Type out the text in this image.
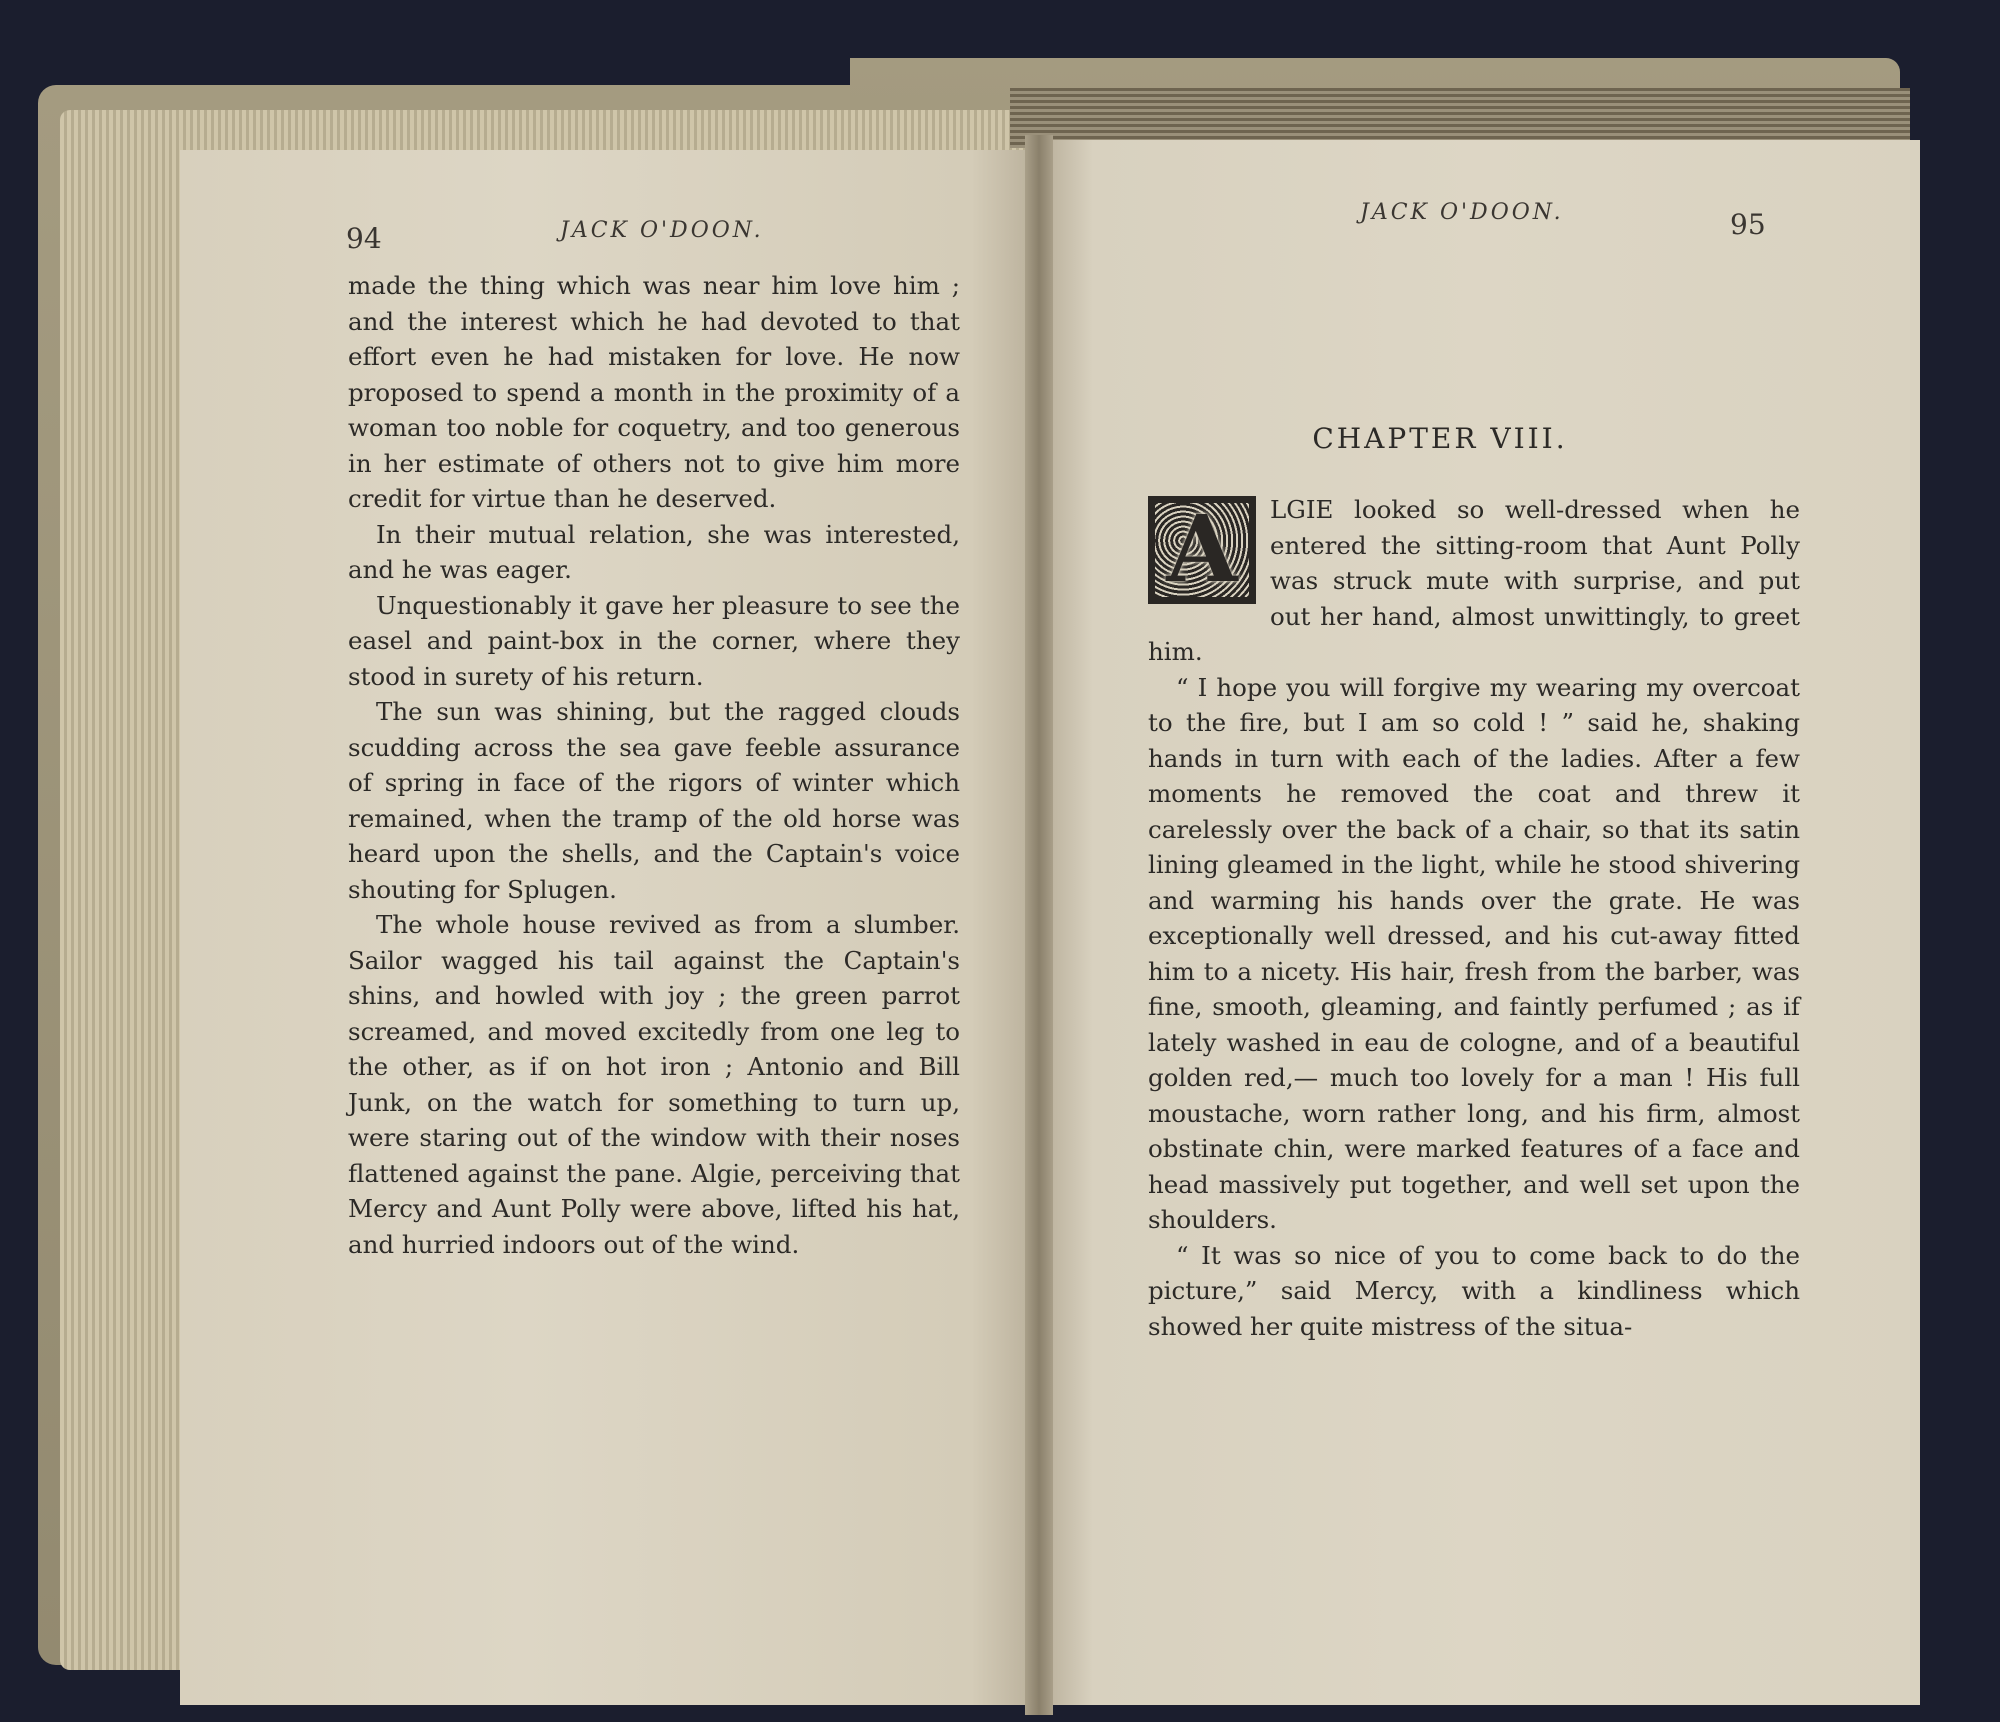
94	JACK O'DOON.

made the thing which was near him love him ; and the interest which he had devoted to that effort even he had mistaken for love. He now proposed to spend a month in the proximity of a woman too noble for coquetry, and too generous in her estimate of others not to give him more credit for virtue than he deserved.

In their mutual relation, she was interested, and he was eager.

Unquestionably it gave her pleasure to see the easel and paint-box in the corner, where they stood in surety of his return.

The sun was shining, but the ragged clouds scudding across the sea gave feeble assurance of spring in face of the rigors of winter which remained, when the tramp of the old horse was heard upon the shells, and the Captain's voice shouting for Splugen.

The whole house revived as from a slumber. Sailor wagged his tail against the Captain's shins, and howled with joy ; the green parrot screamed, and moved excitedly from one leg to the other, as if on hot iron ; Antonio and Bill Junk, on the watch for something to turn up, were staring out of the window with their noses flattened against the pane. Algie, perceiving that Mercy and Aunt Polly were above, lifted his hat, and hurried indoors out of the wind.

JACK O'DOON.	95
CHAPTER VIII.

A	LGIE looked so well-dressed when he entered the sitting-room that Aunt Polly was struck mute with surprise, and put out her hand, almost unwittingly, to greet him.

“ I hope you will forgive my wearing my overcoat to the fire, but I am so cold ! ” said he, shaking hands in turn with each of the ladies. After a few moments he removed the coat and threw it carelessly over the back of a chair, so that its satin lining gleamed in the light, while he stood shivering and warming his hands over the grate. He was exceptionally well dressed, and his cut-away fitted him to a nicety. His hair, fresh from the barber, was fine, smooth, gleaming, and faintly perfumed ; as if lately washed in eau de cologne, and of a beautiful golden red,— much too lovely for a man ! His full moustache, worn rather long, and his firm, almost obstinate chin, were marked features of a face and head massively put together, and well set upon the shoulders.

“ It was so nice of you to come back to do the picture,” said Mercy, with a kindliness which showed her quite mistress of the situa-
